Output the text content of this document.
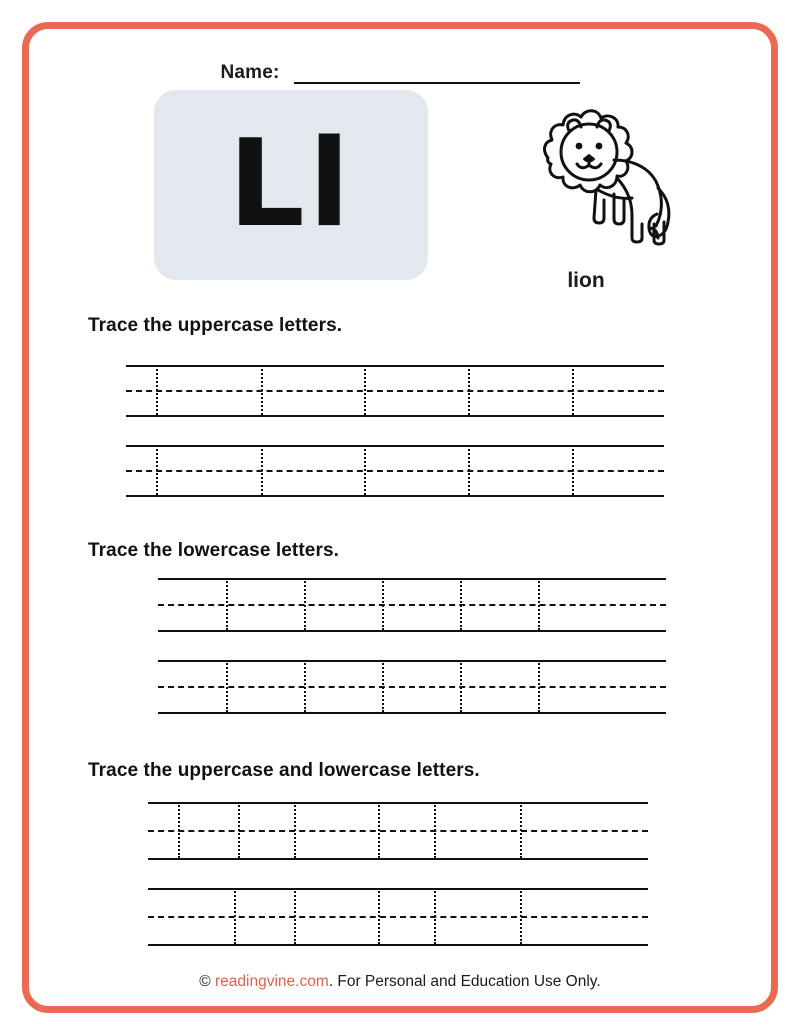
Name:
Ll
lion
Trace the uppercase letters.
Trace the lowercase letters.
Trace the uppercase and lowercase letters.
© readingvine.com. For Personal and Education Use Only.
